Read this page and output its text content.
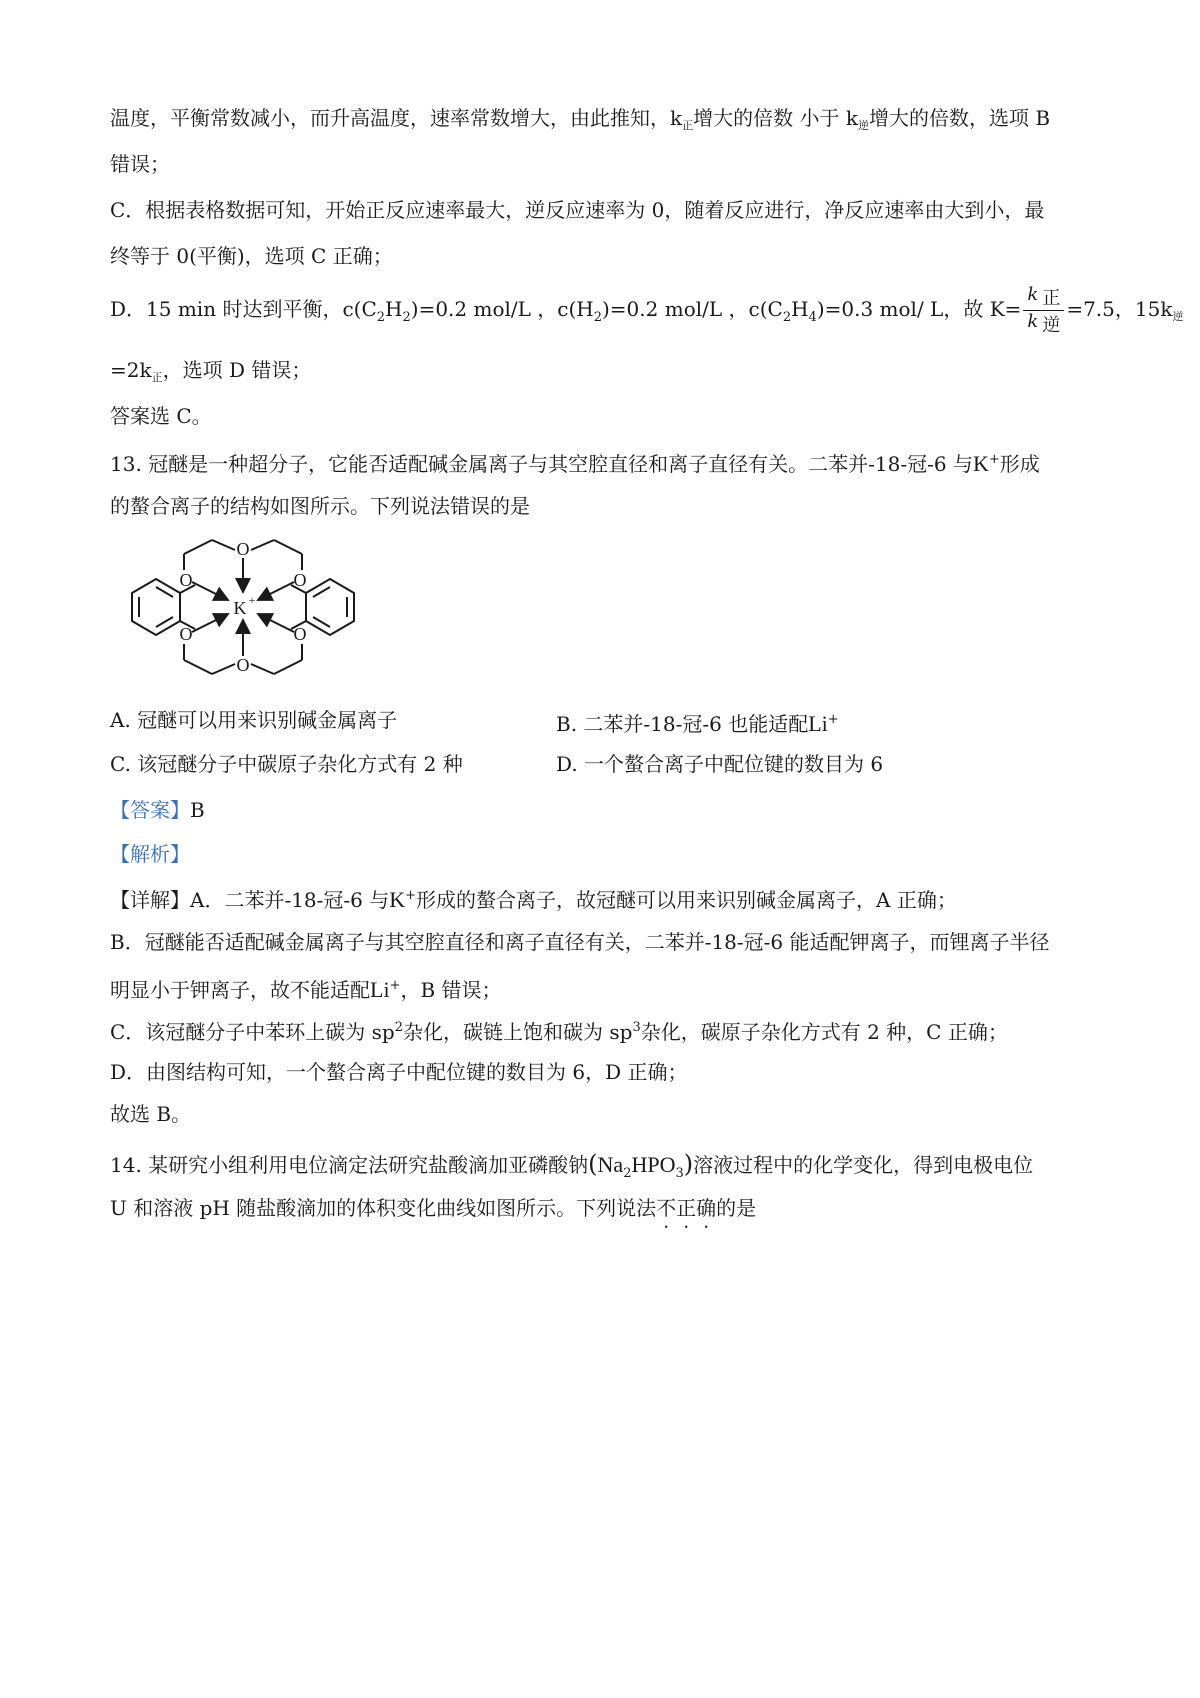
温度，平衡常数减小，而升高温度，速率常数增大，由此推知，$k_正$增大的倍数 小于 $k_逆$增大的倍数，选项 B
错误；
C．根据表格数据可知，开始正反应速率最大，逆反应速率为 0，随着反应进行，净反应速率由大到小，最
终等于 0(平衡)，选项 C 正确；
D．15 min 时达到平衡，$c(C_2H_2)=0.2$ mol/L ，$c(H_2)=0.2$ mol/L ，$c(C_2H_4)=0.3$ mol/ L，故 $K= \frac{\text{k 正}}{\text{k 逆}} =7.5$，$15k_逆$
$=2k_正$，选项 D 错误；
答案选 C。
13. 冠醚是一种超分子，它能否适配碱金属离子与其空腔直径和离子直径有关。二苯并-18-冠-6 与K+形成
的螯合离子的结构如图所示。下列说法错误的是
O
O
O
O
O
O
K +
A. 冠醚可以用来识别碱金属离子	B. 二苯并-18-冠-6 也能适配Li+
C. 该冠醚分子中碳原子杂化方式有 2 种	D. 一个螯合离子中配位键的数目为 6
【答案】B
【解析】
【详解】A．二苯并-18-冠-6 与K+形成的螯合离子，故冠醚可以用来识别碱金属离子，A 正确；
B．冠醚能否适配碱金属离子与其空腔直径和离子直径有关，二苯并-18-冠-6 能适配钾离子，而锂离子半径
明显小于钾离子，故不能适配Li+，B 错误；
C．该冠醚分子中苯环上碳为 $sp^2$杂化，碳链上饱和碳为 $sp^3$杂化，碳原子杂化方式有 2 种，C 正确；
D．由图结构可知，一个螯合离子中配位键的数目为 6，D 正确；
故选 B。
14. 某研究小组利用电位滴定法研究盐酸滴加亚磷酸钠$(Na_2HPO_3)$溶液过程中的化学变化，得到电极电位
U 和溶液 pH 随盐酸滴加的体积变化曲线如图所示。下列说法不正确的是
